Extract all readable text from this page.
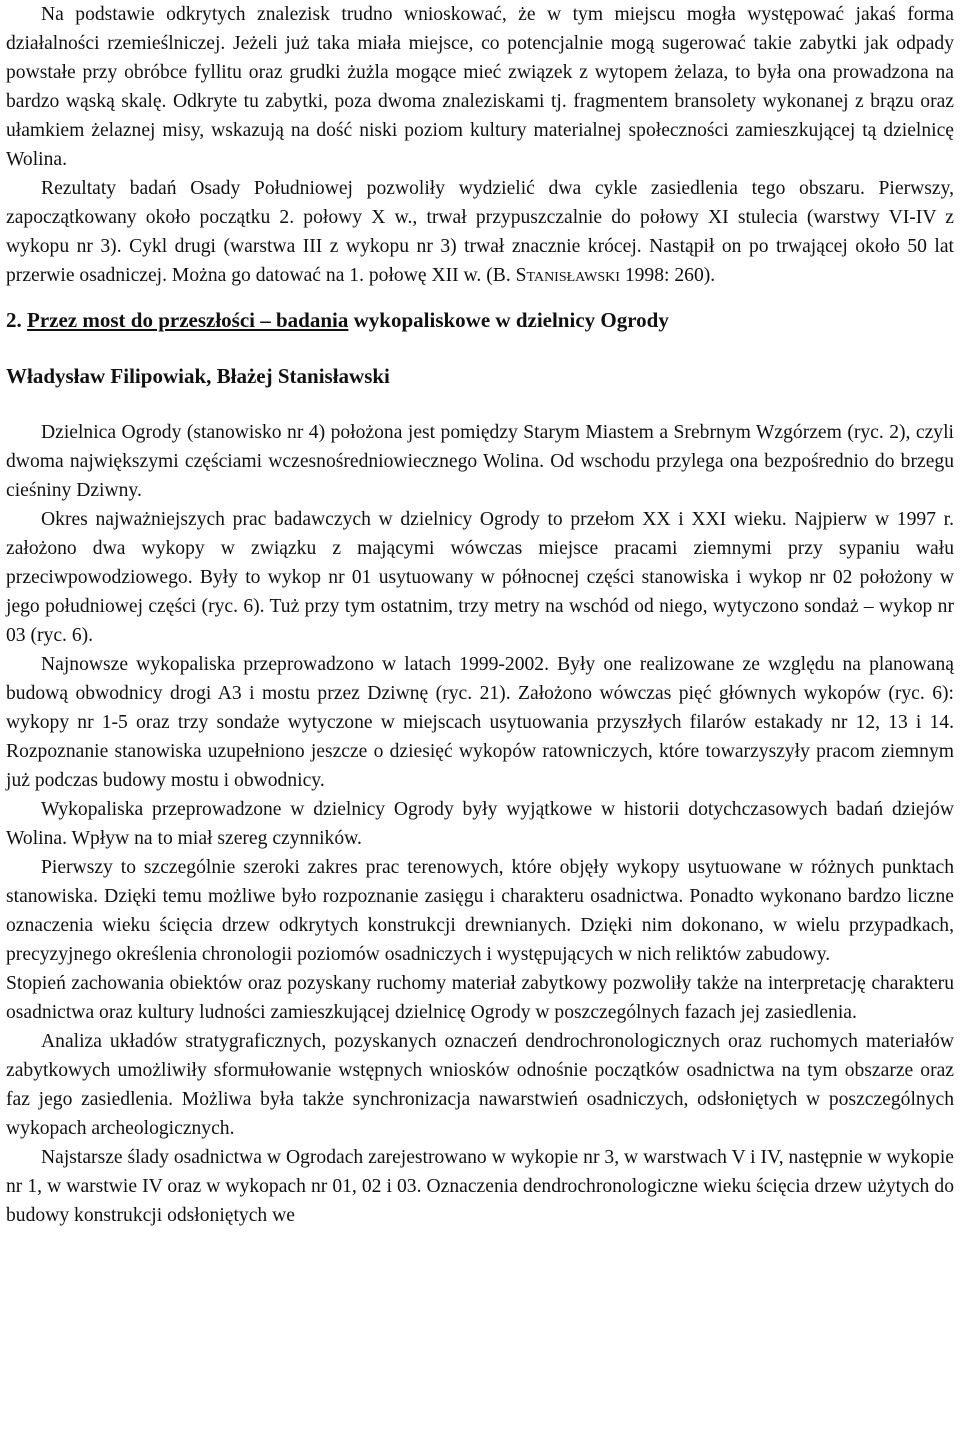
Na podstawie odkrytych znalezisk trudno wnioskować, że w tym miejscu mogła występować jakaś forma działalności rzemieślniczej. Jeżeli już taka miała miejsce, co potencjalnie mogą sugerować takie zabytki jak odpady powstałe przy obróbce fyllitu oraz grudki żużla mogące mieć związek z wytopem żelaza, to była ona prowadzona na bardzo wąską skalę. Odkryte tu zabytki, poza dwoma znaleziskami tj. fragmentem bransolety wykonanej z brązu oraz ułamkiem żelaznej misy, wskazują na dość niski poziom kultury materialnej społeczności zamieszkującej tą dzielnicę Wolina.

Rezultaty badań Osady Południowej pozwoliły wydzielić dwa cykle zasiedlenia tego obszaru. Pierwszy, zapoczątkowany około początku 2. połowy X w., trwał przypuszczalnie do połowy XI stulecia (warstwy VI-IV z wykopu nr 3). Cykl drugi (warstwa III z wykopu nr 3) trwał znacznie krócej. Nastąpił on po trwającej około 50 lat przerwie osadniczej. Można go datować na 1. połowę XII w. (B. Stanisławski 1998: 260).

2. Przez most do przeszłości – badania wykopaliskowe w dzielnicy Ogrody
Władysław Filipowiak, Błażej Stanisławski

Dzielnica Ogrody (stanowisko nr 4) położona jest pomiędzy Starym Miastem a Srebrnym Wzgórzem (ryc. 2), czyli dwoma największymi częściami wczesnośredniowiecznego Wolina. Od wschodu przylega ona bezpośrednio do brzegu cieśniny Dziwny.

Okres najważniejszych prac badawczych w dzielnicy Ogrody to przełom XX i XXI wieku. Najpierw w 1997 r. założono dwa wykopy w związku z mającymi wówczas miejsce pracami ziemnymi przy sypaniu wału przeciwpowodziowego. Były to wykop nr 01 usytuowany w północnej części stanowiska i wykop nr 02 położony w jego południowej części (ryc. 6). Tuż przy tym ostatnim, trzy metry na wschód od niego, wytyczono sondaż – wykop nr 03 (ryc. 6).

Najnowsze wykopaliska przeprowadzono w latach 1999-2002. Były one realizowane ze względu na planowaną budową obwodnicy drogi A3 i mostu przez Dziwnę (ryc. 21). Założono wówczas pięć głównych wykopów (ryc. 6): wykopy nr 1-5 oraz trzy sondaże wytyczone w miejscach usytuowania przyszłych filarów estakady nr 12, 13 i 14. Rozpoznanie stanowiska uzupełniono jeszcze o dziesięć wykopów ratowniczych, które towarzyszyły pracom ziemnym już podczas budowy mostu i obwodnicy.

Wykopaliska przeprowadzone w dzielnicy Ogrody były wyjątkowe w historii dotychczasowych badań dziejów Wolina. Wpływ na to miał szereg czynników.

Pierwszy to szczególnie szeroki zakres prac terenowych, które objęły wykopy usytuowane w różnych punktach stanowiska. Dzięki temu możliwe było rozpoznanie zasięgu i charakteru osadnictwa. Ponadto wykonano bardzo liczne oznaczenia wieku ścięcia drzew odkrytych konstrukcji drewnianych. Dzięki nim dokonano, w wielu przypadkach, precyzyjnego określenia chronologii poziomów osadniczych i występujących w nich reliktów zabudowy.

Stopień zachowania obiektów oraz pozyskany ruchomy materiał zabytkowy pozwoliły także na interpretację charakteru osadnictwa oraz kultury ludności zamieszkującej dzielnicę Ogrody w poszczególnych fazach jej zasiedlenia.

Analiza układów stratygraficznych, pozyskanych oznaczeń dendrochronologicznych oraz ruchomych materiałów zabytkowych umożliwiły sformułowanie wstępnych wniosków odnośnie początków osadnictwa na tym obszarze oraz faz jego zasiedlenia. Możliwa była także synchronizacja nawarstwień osadniczych, odsłoniętych w poszczególnych wykopach archeologicznych.

Najstarsze ślady osadnictwa w Ogrodach zarejestrowano w wykopie nr 3, w warstwach V i IV, następnie w wykopie nr 1, w warstwie IV oraz w wykopach nr 01, 02 i 03. Oznaczenia dendrochronologiczne wieku ścięcia drzew użytych do budowy konstrukcji odsłoniętych we
